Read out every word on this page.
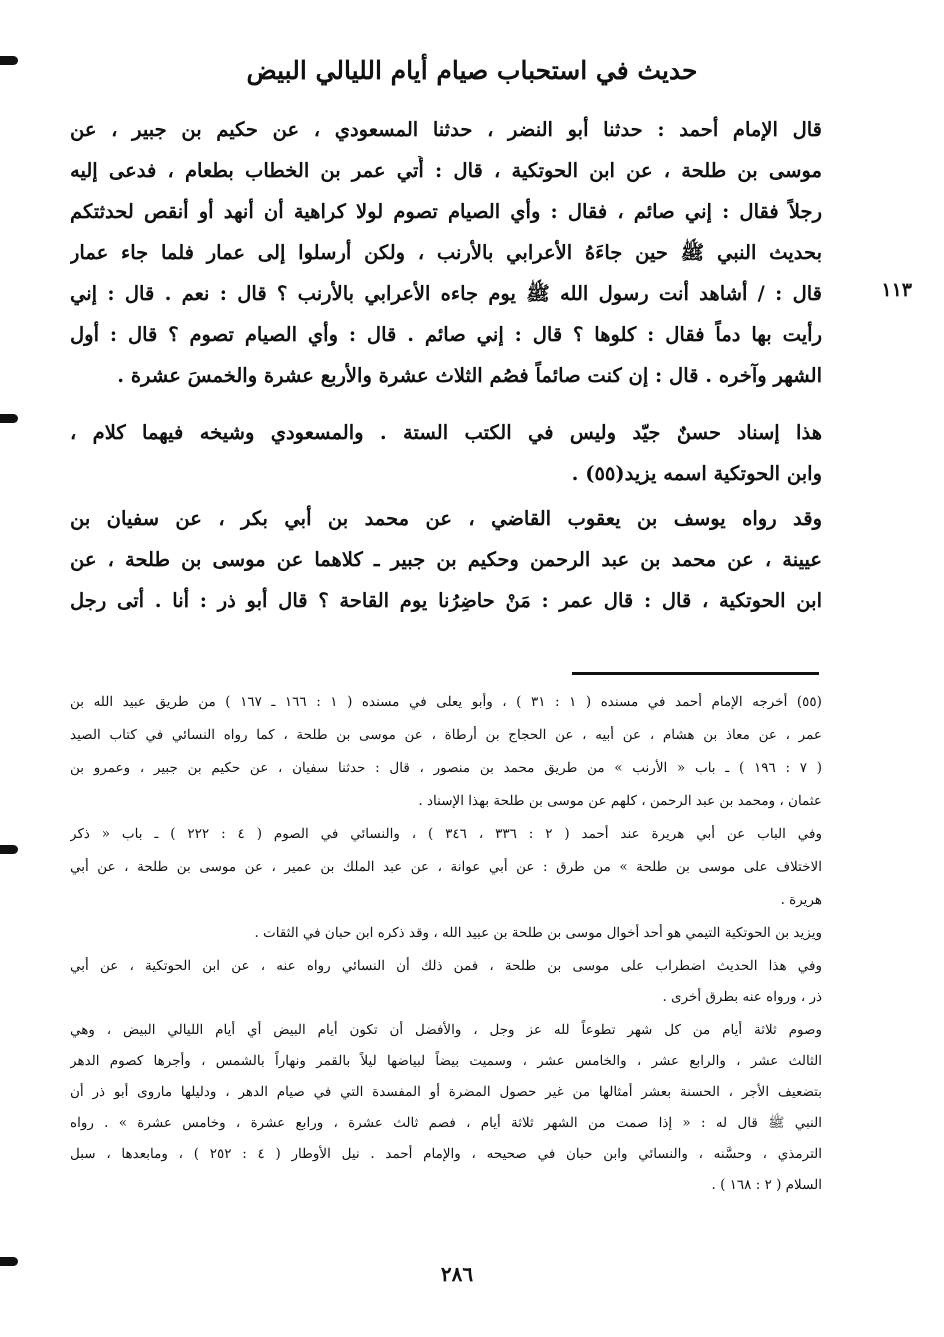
حديث في استحباب صيام أيام الليالي البيض
قال الإمام أحمد : حدثنا أبو النضر ، حدثنا المسعودي ، عن حكيم بن جبير ، عن
موسى بن طلحة ، عن ابن الحوتكية ، قال : أُتي عمر بن الخطاب بطعام ، فدعى إليه
رجلاً فقال : إني صائم ، فقال : وأي الصيام تصوم لولا كراهية أن أنهد أو أنقص لحدثتكم
بحديث النبي ﷺ حين جاءَهُ الأعرابي بالأرنب ، ولكن أرسلوا إلى عمار فلما جاء عمار
قال : / أشاهد أنت رسول الله ﷺ يوم جاءه الأعرابي بالأرنب ؟ قال : نعم . قال : إني
رأيت بها دماً فقال : كلوها ؟ قال : إني صائم . قال : وأي الصيام تصوم ؟ قال : أول
الشهر وآخره . قال : إن كنت صائماً فصُم الثلاث عشرة والأربع عشرة والخمسَ عشرة .
هذا إسناد حسنٌ جيّد وليس في الكتب الستة . والمسعودي وشيخه فيهما كلام ،
وابن الحوتكية اسمه يزيد(٥٥) .
وقد رواه يوسف بن يعقوب القاضي ، عن محمد بن أبي بكر ، عن سفيان بن
عيينة ، عن محمد بن عبد الرحمن وحكيم بن جبير ـ كلاهما عن موسى بن طلحة ، عن
ابن الحوتكية ، قال : قال عمر : مَنْ حاضِرُنا يوم القاحة ؟ قال أبو ذر : أنا . أتى رجل
١١٣
(٥٥) أخرجه الإمام أحمد في مسنده ( ١ : ٣١ ) ، وأبو يعلى في مسنده ( ١ : ١٦٦ ـ ١٦٧ ) من طريق عبيد الله بن
عمر ، عن معاذ بن هشام ، عن أبيه ، عن الحجاج بن أرطاة ، عن موسى بن طلحة ، كما رواه النسائي في كتاب الصيد
( ٧ : ١٩٦ ) ـ باب « الأرنب » من طريق محمد بن منصور ، قال : حدثنا سفيان ، عن حكيم بن جبير ، وعمرو بن
عثمان ، ومحمد بن عبد الرحمن ، كلهم عن موسى بن طلحة بهذا الإسناد .
وفي الباب عن أبي هريرة عند أحمد ( ٢ : ٣٣٦ ، ٣٤٦ ) ، والنسائي في الصوم ( ٤ : ٢٢٢ ) ـ باب « ذكر
الاختلاف على موسى بن طلحة » من طرق : عن أبي عوانة ، عن عبد الملك بن عمير ، عن موسى بن طلحة ، عن أبي
هريرة .
ويزيد بن الحوتكية التيمي هو أحد أخوال موسى بن طلحة بن عبيد الله ، وقد ذكره ابن حبان في الثقات .
وفي هذا الحديث اضطراب على موسى بن طلحة ، فمن ذلك أن النسائي رواه عنه ، عن ابن الحوتكية ، عن أبي
ذر ، ورواه عنه بطرق أخرى .
وصوم ثلاثة أيام من كل شهر تطوعاً لله عز وجل ، والأفضل أن تكون أيام البيض أي أيام الليالي البيض ، وهي
الثالث عشر ، والرابع عشر ، والخامس عشر ، وسميت بيضاً لبياضها ليلاً بالقمر ونهاراً بالشمس ، وأجرها كصوم الدهر
بتضعيف الأجر ، الحسنة بعشر أمثالها من غير حصول المضرة أو المفسدة التي في صيام الدهر ، ودليلها ماروى أبو ذر أن
النبي ﷺ قال له : « إذا صمت من الشهر ثلاثة أيام ، فصم ثالث عشرة ، ورابع عشرة ، وخامس عشرة » . رواه
الترمذي ، وحسَّنه ، والنسائي وابن حبان في صحيحه ، والإمام أحمد . نيل الأوطار ( ٤ : ٢٥٢ ) ، ومابعدها ، سبل
السلام ( ٢ : ١٦٨ ) .
٢٨٦
